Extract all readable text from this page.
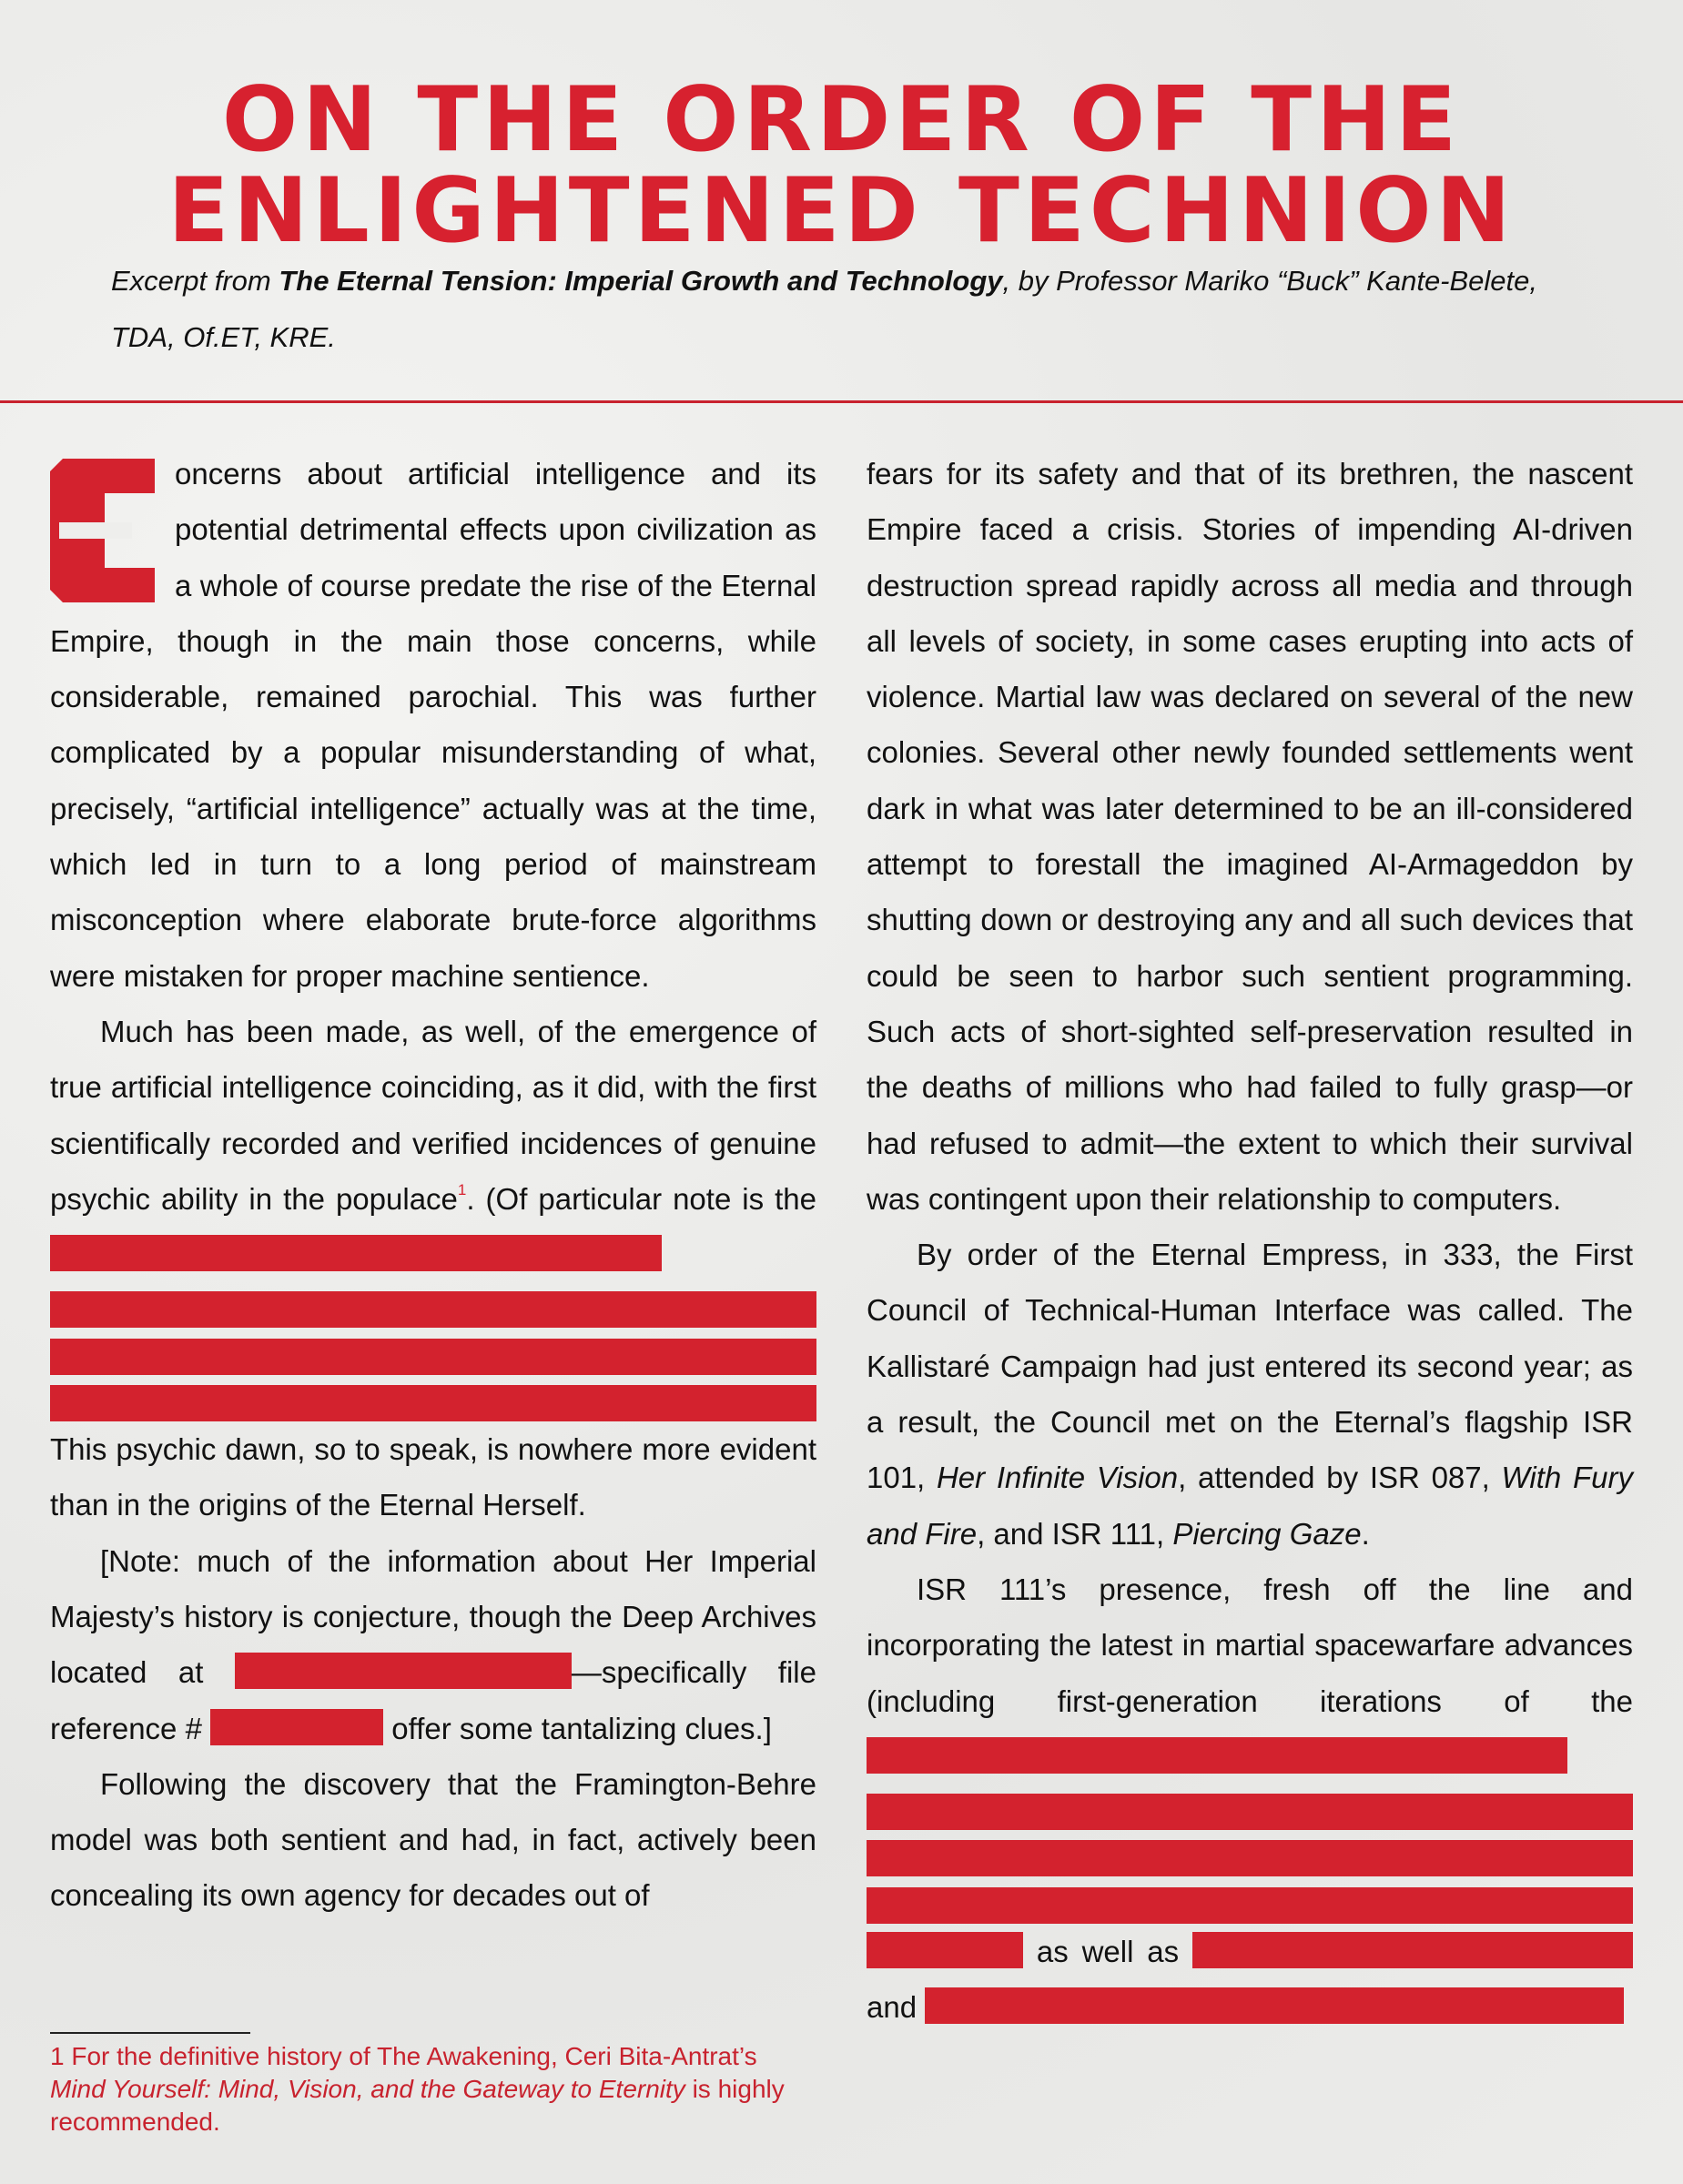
ON THE ORDER OF THE
ENLIGHTENED TECHNION
Excerpt from The Eternal Tension: Imperial Growth and Technology, by Professor Mariko “Buck” Kante-Belete, TDA, Of.ET, KRE.

oncerns about artificial intelligence and its potential detrimental effects upon civilization as a whole of course predate the rise of the Eternal Empire, though in the main those concerns, while considerable, remained parochial. This was further complicated by a popular misunderstanding of what, precisely, “artificial intelligence” actually was at the time, which led in turn to a long period of mainstream misconception where elaborate brute-force algorithms were mistaken for proper machine sentience.

Much has been made, as well, of the emergence of true artificial intelligence coinciding, as it did, with the first scientifically recorded and verified incidences of genuine psychic ability in the populace$^1$. (Of particular note is the

This psychic dawn, so to speak, is nowhere more evident than in the origins of the Eternal Herself.

[Note: much of the information about Her Imperial Majesty’s history is conjecture, though the Deep Archives located at	—specifically file reference #	offer some tantalizing clues.]

Following the discovery that the Framington-Behre model was both sentient and had, in fact, actively been concealing its own agency for decades out of

fears for its safety and that of its brethren, the nascent Empire faced a crisis. Stories of impending AI-driven destruction spread rapidly across all media and through all levels of society, in some cases erupting into acts of violence. Martial law was declared on several of the new colonies. Several other newly founded settlements went dark in what was later determined to be an ill-considered attempt to forestall the imagined AI-Armageddon by shutting down or destroying any and all such devices that could be seen to harbor such sentient programming. Such acts of short-sighted self-preservation resulted in the deaths of millions who had failed to fully grasp—or had refused to admit—the extent to which their survival was contingent upon their relationship to computers.

By order of the Eternal Empress, in 333, the First Council of Technical-Human Interface was called. The Kallistaré Campaign had just entered its second year; as a result, the Council met on the Eternal’s flagship ISR 101, Her Infinite Vision, attended by ISR 087, With Fury and Fire, and ISR 111, Piercing Gaze.

ISR 111’s presence, fresh off the line and incorporating the latest in martial spacewarfare advances (including first-generation iterations of the
as well as  and

1 For the definitive history of The Awakening, Ceri Bita-Antrat’s Mind Yourself: Mind, Vision, and the Gateway to Eternity is highly recommended.
